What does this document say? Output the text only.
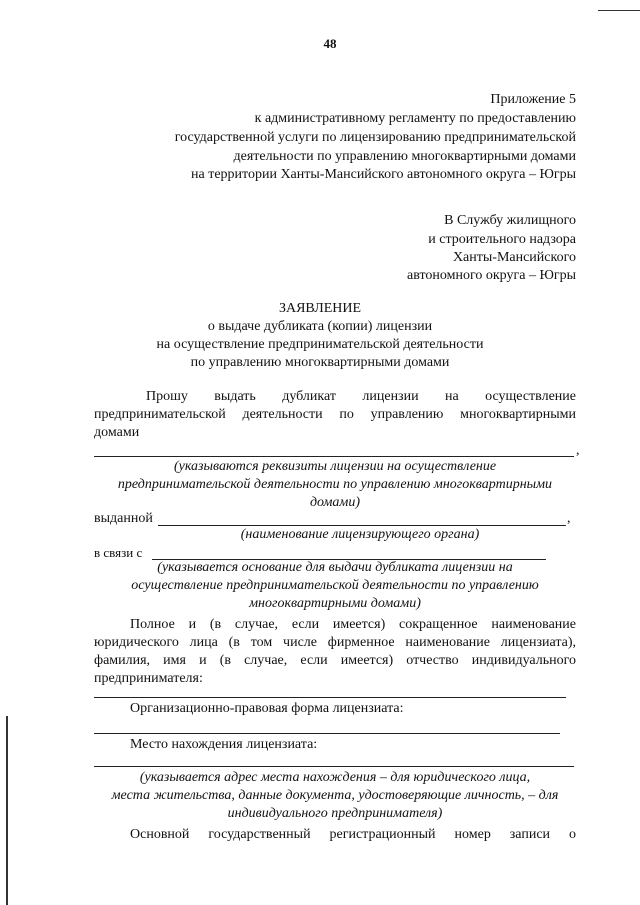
48
Приложение 5
к административному регламенту по предоставлению
государственной услуги по лицензированию предпринимательской
деятельности по управлению многоквартирными домами
на территории Ханты-Мансийского автономного округа – Югры
В Службу жилищного
и строительного надзора
Ханты-Мансийского
автономного округа – Югры
ЗАЯВЛЕНИЕ
о выдаче дубликата (копии) лицензии
на осуществление предпринимательской деятельности
по управлению многоквартирными домами
Прошу выдать дубликат лицензии на осуществление
предпринимательской деятельности по управлению многоквартирными
домами
,
(указываются реквизиты лицензии на осуществление
предпринимательской деятельности по управлению многоквартирными
домами)
выданной	,
(наименование лицензирующего органа)
в связи с
(указывается основание для выдачи дубликата лицензии на
осуществление предпринимательской деятельности по управлению
многоквартирными домами)
Полное и (в случае, если имеется) сокращенное наименование
юридического лица (в том числе фирменное наименование лицензиата),
фамилия, имя и (в случае, если имеется) отчество индивидуального
предпринимателя:
Организационно-правовая форма лицензиата:
Место нахождения лицензиата:
(указывается адрес места нахождения – для юридического лица,
места жительства, данные документа, удостоверяющие личность, – для
индивидуального предпринимателя)
Основной государственный регистрационный номер записи о
